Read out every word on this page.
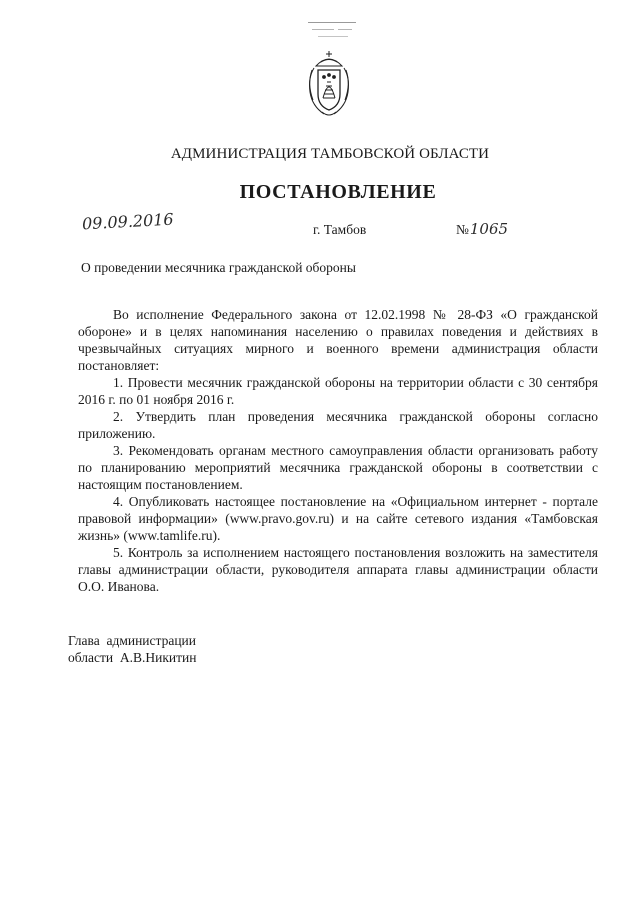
АДМИНИСТРАЦИЯ ТАМБОВСКОЙ ОБЛАСТИ
ПОСТАНОВЛЕНИЕ
09.09.2016	г. Тамбов	№1065
О проведении месячника гражданской обороны

Во исполнение Федерального закона от 12.02.1998 № 28-ФЗ «О гражданской обороне» и в целях напоминания населению о правилах поведения и действиях в чрезвычайных ситуациях мирного и военного времени администрация области постановляет:

1. Провести месячник гражданской обороны на территории области с 30 сентября 2016 г. по 01 ноября 2016 г.

2. Утвердить план проведения месячника гражданской обороны согласно приложению.

3. Рекомендовать органам местного самоуправления области организовать работу по планированию мероприятий месячника гражданской обороны в соответствии с настоящим постановлением.

4. Опубликовать настоящее постановление на «Официальном интернет - портале правовой информации» (www.pravo.gov.ru) и на сайте сетевого издания «Тамбовская жизнь» (www.tamlife.ru).

5. Контроль за исполнением настоящего постановления возложить на заместителя главы администрации области, руководителя аппарата главы администрации области О.О. Иванова.

Глава  администрации
области  А.В.Никитин
